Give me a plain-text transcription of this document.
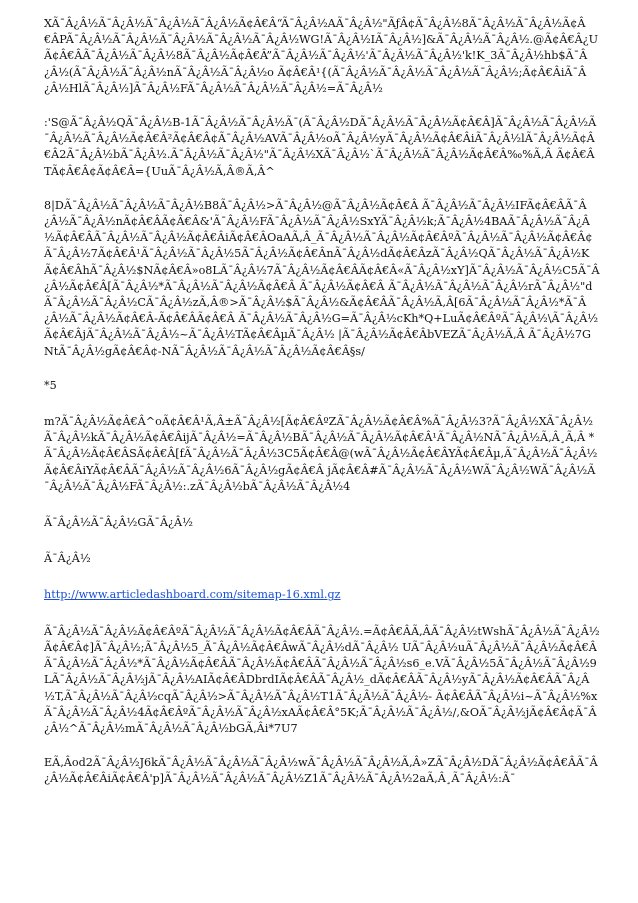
XÃ¯Â¿Â½Ã¯Â¿Â½Ã¯Â¿Â½Ã¯Â¿Â½Ã¢Â€Â“Ã¯Â¿Â½AÃ¯Â¿Â½"ÃƒÂ¢Ã¯Â¿Â½8Ã¯Â¿Â½Ã¯Â¿Â½Ã¢Â€ÂPÃ¯Â¿Â½Ã¯Â¿Â½Ã¯Â¿Â½Ã¯Â¿Â½Ã¯Â¿Â½WG!Ã¯Â¿Â½IÃ¯Â¿Â½]&Ã¯Â¿Â½Ã¯Â¿Â½.@Ã¢Â€Â¿UÃ¢Â€ÂÃ¯Â¿Â½Ã¯Â¿Â½8Ã¯Â¿Â½Ã¢Â€Â”Ã¯Â¿Â½Ã¯Â¿Â½'Ã¯Â¿Â½Ã¯Â¿Â½'k!K_3Ã¯Â¿Â½hb$Ã¯Â¿Â½(Ã¯Â¿Â½Ã¯Â¿Â½nÃ¯Â¿Â½Ã¯Â¿Â½o Ã¢Â€Â¹{(Ã¯Â¿Â½Ã¯Â¿Â½Ã¯Â¿Â½Ã¯Â¿Â½;Ã¢Â€ÂiÃ¯Â¿Â½HlÃ¯Â¿Â½]Ã¯Â¿Â½FÃ¯Â¿Â½Ã¯Â¿Â½Ã¯Â¿Â½=Ã¯Â¿Â½

:'S@Ã¯Â¿Â½QÃ¯Â¿Â½B-1Ã¯Â¿Â½Ã¯Â¿Â½Ã¯(Ã¯Â¿Â½DÃ¯Â¿Â½Ã¯Â¿Â½Ã¢Â€Â]Ã¯Â¿Â½Ã¯Â¿Â½Ã¯Â¿Â½Ã¯Â¿Â½Ã¢Â€Â²Ã¢Â€Â¢Ã¯Â¿Â½AVÃ¯Â¿Â½oÃ¯Â¿Â½yÃ¯Â¿Â½Ã¢Â€ÂiÃ¯Â¿Â½lÃ¯Â¿Â½Ã¢Â€Â2Ã¯Â¿Â½bÃ¯Â¿Â½.Ã¯Â¿Â½Ã¯Â¿Â½"Ã¯Â¿Â½XÃ¯Â¿Â½`Ã¯Â¿Â½Ã¯Â¿Â½Ã¢Â€Â‰%Ã‚Â Ã¢Â€ÂTÃ¢Â€Â¢Ã¢Â€Â={UuÃ¯Â¿Â½Ã‚Â®Ã‚Â^

8|DÃ¯Â¿Â½Ã¯Â¿Â½Ã¯Â¿Â½B8Ã¯Â¿Â½>Ã¯Â¿Â½@Ã¯Â¿Â½Ã¢Â€Â Ã¯Â¿Â½Ã¯Â¿Â½IFÃ¢Â€ÂÃ¯Â¿Â½Ã¯Â¿Â½nÃ¢Â€ÂÃ¢Â€Â&'Ã¯Â¿Â½FÃ¯Â¿Â½Ã¯Â¿Â½SxYÃ¯Â¿Â½k;Ã¯Â¿Â½4BAÃ¯Â¿Â½Ã¯Â¿Â½Ã¢Â€ÂÃ¯Â¿Â½Ã¯Â¿Â½Ã¢Â€ÂiÃ¢Â€ÂOaAÃ‚Â_Ã¯Â¿Â½Ã¯Â¿Â½Ã¢Â€ÂºÃ¯Â¿Â½Ã¯Â¿Â½Ã¢Â€Â¢Ã¯Â¿Â½7Ã¢Â€Â¹Ã¯Â¿Â½Ã¯Â¿Â½5Ã¯Â¿Â½Ã¢Â€ÂnÃ¯Â¿Â½dÃ¢Â€ÂzÃ¯Â¿Â½QÃ¯Â¿Â½Ã¯Â¿Â½KÃ¢Â€ÂhÃ¯Â¿Â½$NÃ¢Â€Â»o8LÃ¯Â¿Â½7Ã¯Â¿Â½Ã¢Â€ÂÃ¢Â€Â«Ã¯Â¿Â½xY]Ã¯Â¿Â½Ã¯Â¿Â½C5Ã¯Â¿Â½Ã¢Â€Â[Ã¯Â¿Â½*Ã¯Â¿Â½Ã¯Â¿Â½Ã¢Â€Â Ã¯Â¿Â½Ã¢Â€Â Ã¯Â¿Â½Ã¯Â¿Â½Ã¯Â¿Â½rÃ¯Â¿Â½"dÃ¯Â¿Â½Ã¯Â¿Â½CÃ¯Â¿Â½zÃ‚Â®>Ã¯Â¿Â½$Ã¯Â¿Â½&Ã¢Â€ÂÃ¯Â¿Â½Ã‚Â[6Ã¯Â¿Â½Ã¯Â¿Â½*Ã¯Â¿Â½Ã¯Â¿Â½Ã¢Â€Â-Ã¢Â€ÂÃ¢Â€Â Ã¯Â¿Â½Ã¯Â¿Â½G=Ã¯Â¿Â½cKh*Q+LuÃ¢Â€ÂºÃ¯Â¿Â½\Ã¯Â¿Â½Ã¢Â€ÂjÃ¯Â¿Â½Ã¯Â¿Â½~Ã¯Â¿Â½TÃ¢Â€ÂµÃ¯Â¿Â½ |Ã¯Â¿Â½Ã¢Â€ÂbVEZÃ¯Â¿Â½Ã‚Â Ã¯Â¿Â½7GNtÃ¯Â¿Â½gÃ¢Â€Â¢-NÃ¯Â¿Â½Ã¯Â¿Â½Ã¯Â¿Â½Ã¢Â€Â§s/

*5

m?Ã¯Â¿Â½Ã¢Â€Â^oÃ¢Â€Â¹Ã‚Â±Ã¯Â¿Â½[Ã¢Â€ÂºZÃ¯Â¿Â½Ã¢Â€Â%Ã¯Â¿Â½3?Ã¯Â¿Â½XÃ¯Â¿Â½Ã¯Â¿Â½kÃ¯Â¿Â½Ã¢Â€ÂijÃ¯Â¿Â½=Ã¯Â¿Â½BÃ¯Â¿Â½Ã¯Â¿Â½Ã¢Â€Â¹Ã¯Â¿Â½NÃ¯Â¿Â½Ã‚Â¸Ã‚Â *Ã¯Â¿Â½Ã¢Â€ÂSÃ¢Â€Â[fÃ¯Â¿Â½Ã¯Â¿Â½3C5Ã¢Â€Â@(wÃ¯Â¿Â½Ã¢Â€ÂYÃ¢Â€Âµ,Ã¯Â¿Â½Ã¯Â¿Â½Ã¢Â€ÂiYÃ¢Â€ÂÃ¯Â¿Â½Ã¯Â¿Â½6Ã¯Â¿Â½gÃ¢Â€Â jÃ¢Â€Â#Ã¯Â¿Â½Ã¯Â¿Â½WÃ¯Â¿Â½WÃ¯Â¿Â½Ã¯Â¿Â½Ã¯Â¿Â½FÃ¯Â¿Â½:.zÃ¯Â¿Â½bÃ¯Â¿Â½Ã¯Â¿Â½4

Ã¯Â¿Â½Ã¯Â¿Â½GÃ¯Â¿Â½

Ã¯Â¿Â½

http://www.articledashboard.com/sitemap-16.xml.gz

Ã¯Â¿Â½Ã¯Â¿Â½Ã¢Â€ÂºÃ¯Â¿Â½Ã¯Â¿Â½Ã¢Â€ÂÃ¯Â¿Â½.=Ã¢Â€ÂÃ‚ÂÃ¯Â¿Â½tWshÃ¯Â¿Â½Ã¯Â¿Â½Ã¢Â€Â¢]Ã¯Â¿Â½;Ã¯Â¿Â½5_Ã¯Â¿Â½Ã¢Â€ÂwÃ¯Â¿Â½dÃ¯Â¿Â½ UÃ¯Â¿Â½uÃ¯Â¿Â½Ã¯Â¿Â½Ã¢Â€ÂÃ¯Â¿Â½Ã¯Â¿Â½*Ã¯Â¿Â½Ã¢Â€ÂÃ¯Â¿Â½Ã¢Â€ÂÃ¯Â¿Â½Ã¯Â¿Â½s6_e.VÃ¯Â¿Â½5Ã¯Â¿Â½Ã¯Â¿Â½9LÃ¯Â¿Â½Ã¯Â¿Â½jÃ¯Â¿Â½AIÃ¢Â€ÂDbrdIÃ¢Â€ÂÃ¯Â¿Â½_dÃ¢Â€ÂÃ¯Â¿Â½yÃ¯Â¿Â½Ã¢Â€ÂÃ¯Â¿Â½T,Ã¯Â¿Â½Ã¯Â¿Â½cqÃ¯Â¿Â½>Ã¯Â¿Â½Ã¯Â¿Â½T1Ã¯Â¿Â½Ã¯Â¿Â½- Ã¢Â€ÂÃ¯Â¿Â½i~Ã¯Â¿Â½%xÃ¯Â¿Â½Ã¯Â¿Â½4Ã¢Â€ÂºÃ¯Â¿Â½Ã¯Â¿Â½xAÃ¢Â€Â°5K;Ã¯Â¿Â½Ã¯Â¿Â½/,&OÃ¯Â¿Â½jÃ¢Â€Â¢Ã¯Â¿Â½^Ã¯Â¿Â½mÃ¯Â¿Â½Ã¯Â¿Â½bGÃ‚Âi*7U7

EÃ‚Âod2Ã¯Â¿Â½J6kÃ¯Â¿Â½Ã¯Â¿Â½Ã¯Â¿Â½wÃ¯Â¿Â½Ã¯Â¿Â½Ã‚Â»ZÃ¯Â¿Â½DÃ¯Â¿Â½Ã¢Â€ÂÃ¯Â¿Â½Ã¢Â€ÂiÃ¢Â€Â'p]Ã¯Â¿Â½Ã¯Â¿Â½Ã¯Â¿Â½Z1Ã¯Â¿Â½Ã¯Â¿Â½2aÃ‚Â¸Ã¯Â¿Â½:Ã¯
